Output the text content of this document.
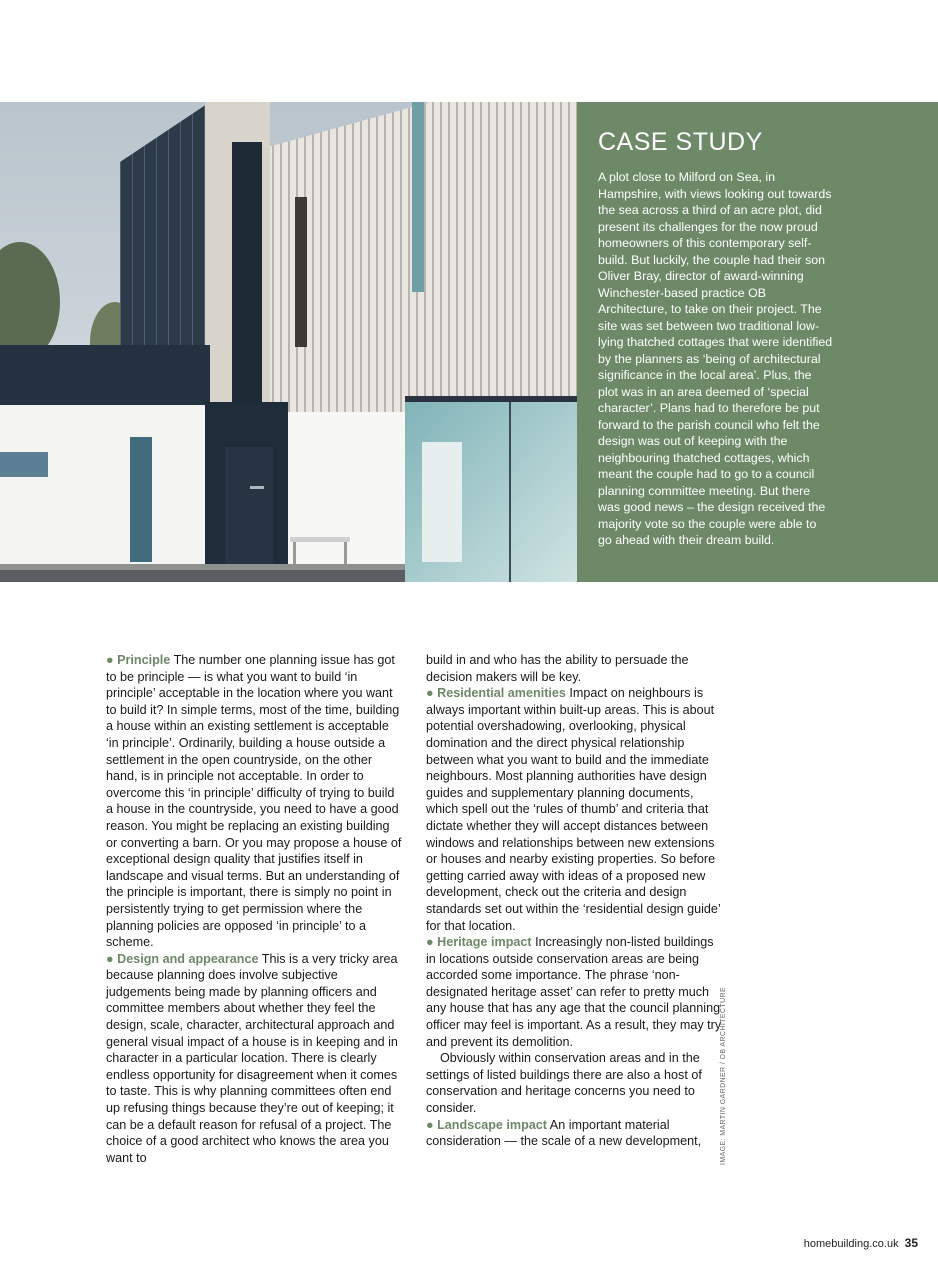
CASE STUDY

A plot close to Milford on Sea, in Hampshire, with views looking out towards the sea across a third of an acre plot, did present its challenges for the now proud homeowners of this contemporary self-build. But luckily, the couple had their son Oliver Bray, director of award-winning Winchester-based practice OB Architecture, to take on their project. The site was set between two traditional low-lying thatched cottages that were identified by the planners as ‘being of architectural significance in the local area’. Plus, the plot was in an area deemed of ‘special character’. Plans had to therefore be put forward to the parish council who felt the design was out of keeping with the neighbouring thatched cottages, which meant the couple had to go to a council planning committee meeting. But there was good news – the design received the majority vote so the couple were able to go ahead with their dream build.

● Principle The number one planning issue has got to be principle — is what you want to build ‘in principle’ acceptable in the location where you want to build it? In simple terms, most of the time, building a house within an existing settlement is acceptable ‘in principle’. Ordinarily, building a house outside a settlement in the open countryside, on the other hand, is in principle not acceptable. In order to overcome this ‘in principle’ difficulty of trying to build a house in the countryside, you need to have a good reason. You might be replacing an existing building or converting a barn. Or you may propose a house of exceptional design quality that justifies itself in landscape and visual terms. But an understanding of the principle is important, there is simply no point in persistently trying to get permission where the planning policies are opposed ‘in principle’ to a scheme.

● Design and appearance This is a very tricky area because planning does involve subjective judgements being made by planning officers and committee members about whether they feel the design, scale, character, architectural approach and general visual impact of a house is in keeping and in character in a particular location. There is clearly endless opportunity for disagreement when it comes to taste. This is why planning committees often end up refusing things because they’re out of keeping; it can be a default reason for refusal of a project. The choice of a good architect who knows the area you want to

build in and who has the ability to persuade the decision makers will be key.

● Residential amenities Impact on neighbours is always important within built-up areas. This is about potential overshadowing, overlooking, physical domination and the direct physical relationship between what you want to build and the immediate neighbours. Most planning authorities have design guides and supplementary planning documents, which spell out the ‘rules of thumb’ and criteria that dictate whether they will accept distances between windows and relationships between new extensions or houses and nearby existing properties. So before getting carried away with ideas of a proposed new development, check out the criteria and design standards set out within the ‘residential design guide’ for that location.

● Heritage impact Increasingly non-listed buildings in locations outside conservation areas are being accorded some importance. The phrase ‘non-designated heritage asset’ can refer to pretty much any house that has any age that the council planning officer may feel is important. As a result, they may try and prevent its demolition.

Obviously within conservation areas and in the settings of listed buildings there are also a host of conservation and heritage concerns you need to consider.

● Landscape impact An important material consideration — the scale of a new development,	IMAGE: MARTIN GARDNER / OB ARCHITECTURE
homebuilding.co.uk 35
